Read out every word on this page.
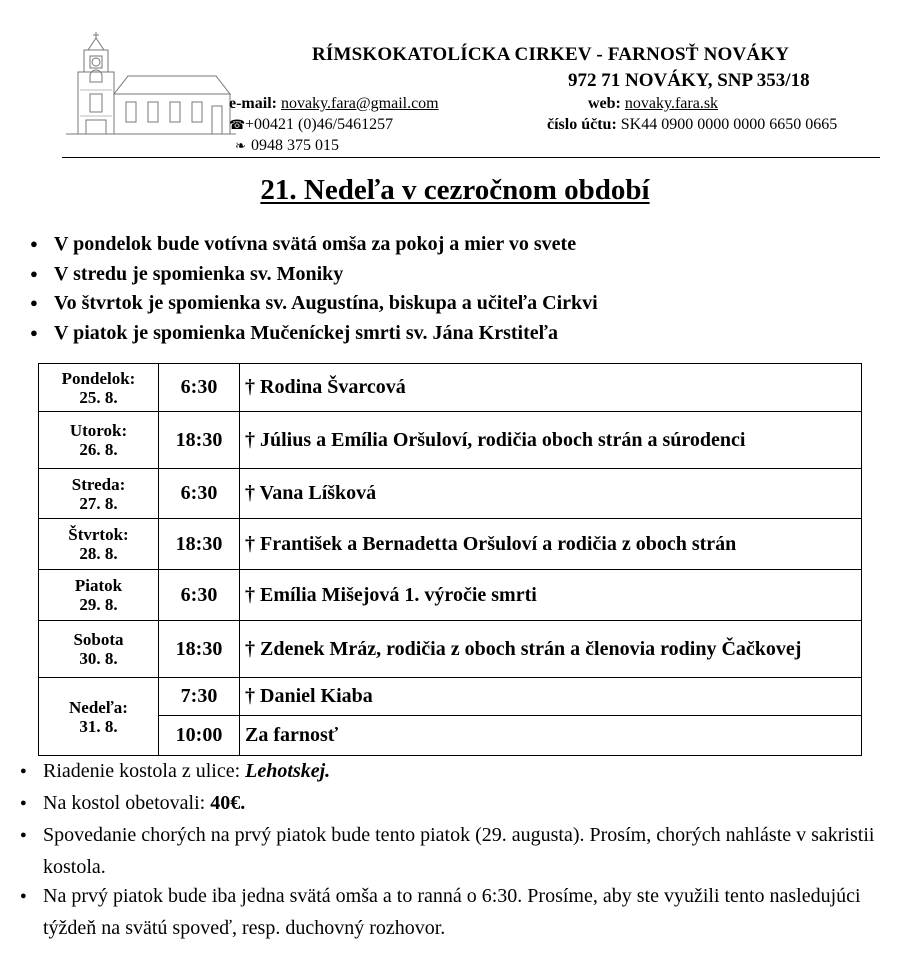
RÍMSKOKATOLÍCKA CIRKEV - FARNOSŤ NOVÁKY
972 71 NOVÁKY, SNP 353/18
e-mail: novaky.fara@gmail.com
☎+00421 (0)46/5461257
❧ 0948 375 015
web: novaky.fara.sk
číslo účtu: SK44 0900 0000 0000 6650 0665
21. Nedeľa v cezročnom období
● V pondelok bude votívna svätá omša za pokoj a mier vo svete
● V stredu je spomienka sv. Moniky
● Vo štvrtok je spomienka sv. Augustína, biskupa a učiteľa Cirkvi
● V piatok je spomienka Mučeníckej smrti sv. Jána Krstiteľa
Pondelok:
25. 8.	6:30	† Rodina Švarcová
Utorok:
26. 8.	18:30	† Július a Emília Oršuloví, rodičia oboch strán a súrodenci
Streda:
27. 8.	6:30	† Vana Líšková
Štvrtok:
28. 8.	18:30	† František a Bernadetta Oršuloví a rodičia z oboch strán
Piatok
29. 8.	6:30	† Emília Mišejová 1. výročie smrti
Sobota
30. 8.	18:30	† Zdenek Mráz, rodičia z oboch strán a členovia rodiny Čačkovej
Nedeľa:
31. 8.	7:30	† Daniel Kiaba
	10:00	Za farnosť
● Riadenie kostola z ulice: Lehotskej.
● Na kostol obetovali: 40€.
● Spovedanie chorých na prvý piatok bude tento piatok (29. augusta). Prosím, chorých nahláste v sakristii kostola.
● Na prvý piatok bude iba jedna svätá omša a to ranná o 6:30. Prosíme, aby ste využili tento nasledujúci týždeň na svätú spoveď, resp. duchovný rozhovor.
